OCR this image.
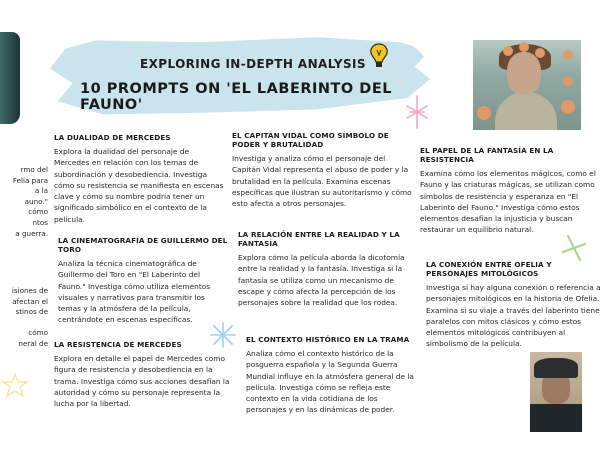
EXPLORING IN-DEPTH ANALYSIS
10 PROMPTS ON 'EL LABERINTO DEL FAUNO'

rmo del

Felia para

a la

auno."

cómo

ntos

a guerra.

isiones de

afectan el

stinos de

cómo

neral de

LA DUALIDAD DE MERCEDES

Explora la dualidad del personaje de Mercedes en relación con los temas de subordinación y desobediencia. Investiga cómo su resistencia se manifiesta en escenas clave y cómo su nombre podría tener un significado simbólico en el contexto de la película.

LA CINEMATOGRAFÍA DE GUILLERMO DEL TORO

Analiza la técnica cinematográfica de Guillermo del Toro en "El Laberinto del Fauno." Investiga cómo utiliza elementos visuales y narrativos para transmitir los temas y la atmósfera de la película, centrándote en escenas específicas.

LA RESISTENCIA DE MERCEDES

Explora en detalle el papel de Mercedes como figura de resistencia y desobediencia en la trama. Investiga cómo sus acciones desafían la autoridad y cómo su personaje representa la lucha por la libertad.

EL CAPITÁN VIDAL COMO SÍMBOLO DE PODER Y BRUTALIDAD

Investiga y analiza cómo el personaje del Capitán Vidal representa el abuso de poder y la brutalidad en la película. Examina escenas específicas que ilustran su autoritarismo y cómo esto afecta a otros personajes.

LA RELACIÓN ENTRE LA REALIDAD Y LA FANTASÍA

Explora cómo la película aborda la dicotomía entre la realidad y la fantasía. Investiga si la fantasía se utiliza como un mecanismo de escape y cómo afecta la percepción de los personajes sobre la realidad que los rodea.

EL CONTEXTO HISTÓRICO EN LA TRAMA

Analiza cómo el contexto histórico de la posguerra española y la Segunda Guerra Mundial influye en la atmósfera general de la película. Investiga cómo se refleja este contexto en la vida cotidiana de los personajes y en las dinámicas de poder.

EL PAPEL DE LA FANTASÍA EN LA RESISTENCIA

Examina cómo los elementos mágicos, como el Fauno y las criaturas mágicas, se utilizan como símbolos de resistencia y esperanza en "El Laberinto del Fauno." Investiga cómo estos elementos desafían la injusticia y buscan restaurar un equilibrio natural.

LA CONEXIÓN ENTRE OFELIA Y PERSONAJES MITOLÓGICOS

Investiga si hay alguna conexión o referencia a personajes mitológicos en la historia de Ofelia. Examina si su viaje a través del laberinto tiene paralelos con mitos clásicos y cómo estos elementos mitológicos contribuyen al simbolismo de la película.
